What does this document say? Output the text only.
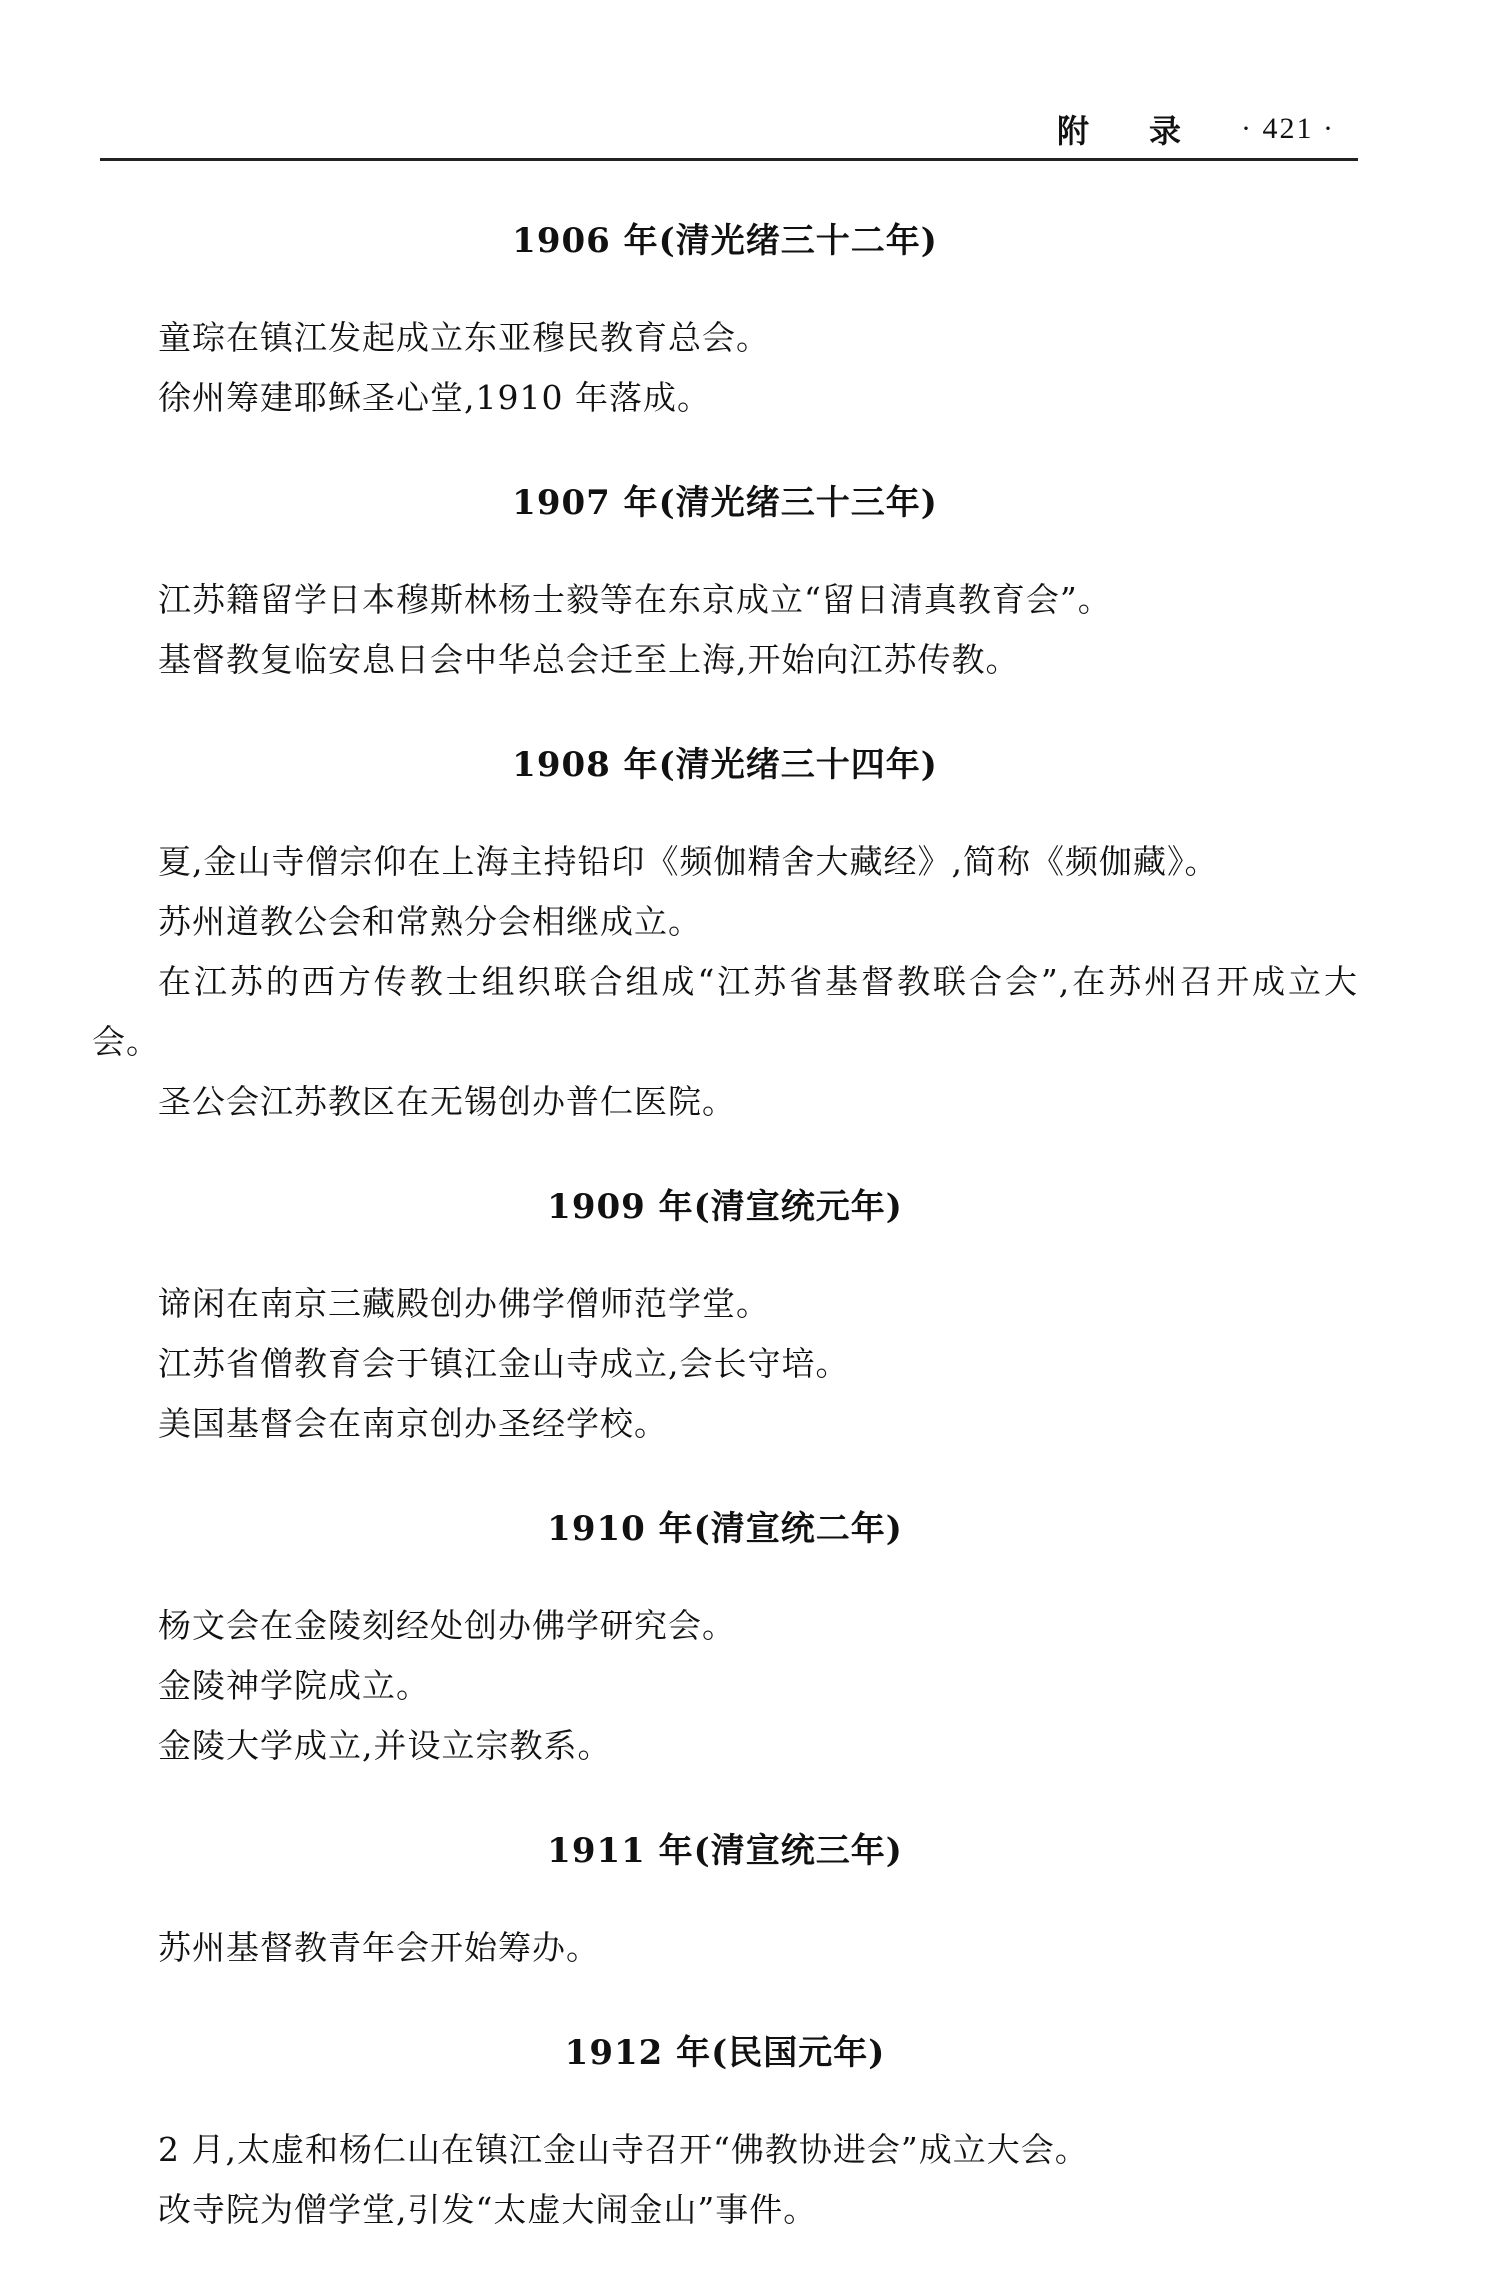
附录 · 421 ·
1906 年(清光绪三十二年)

童琮在镇江发起成立东亚穆民教育总会。

徐州筹建耶稣圣心堂,1910 年落成。

1907 年(清光绪三十三年)

江苏籍留学日本穆斯林杨士毅等在东京成立“留日清真教育会”。

基督教复临安息日会中华总会迁至上海,开始向江苏传教。

1908 年(清光绪三十四年)

夏,金山寺僧宗仰在上海主持铅印《频伽精舍大藏经》,简称《频伽藏》。

苏州道教公会和常熟分会相继成立。

在江苏的西方传教士组织联合组成“江苏省基督教联合会”,在苏州召开成立大会。

圣公会江苏教区在无锡创办普仁医院。

1909 年(清宣统元年)

谛闲在南京三藏殿创办佛学僧师范学堂。

江苏省僧教育会于镇江金山寺成立,会长守培。

美国基督会在南京创办圣经学校。

1910 年(清宣统二年)

杨文会在金陵刻经处创办佛学研究会。

金陵神学院成立。

金陵大学成立,并设立宗教系。

1911 年(清宣统三年)

苏州基督教青年会开始筹办。

1912 年(民国元年)

2 月,太虚和杨仁山在镇江金山寺召开“佛教协进会”成立大会。

改寺院为僧学堂,引发“太虚大闹金山”事件。
